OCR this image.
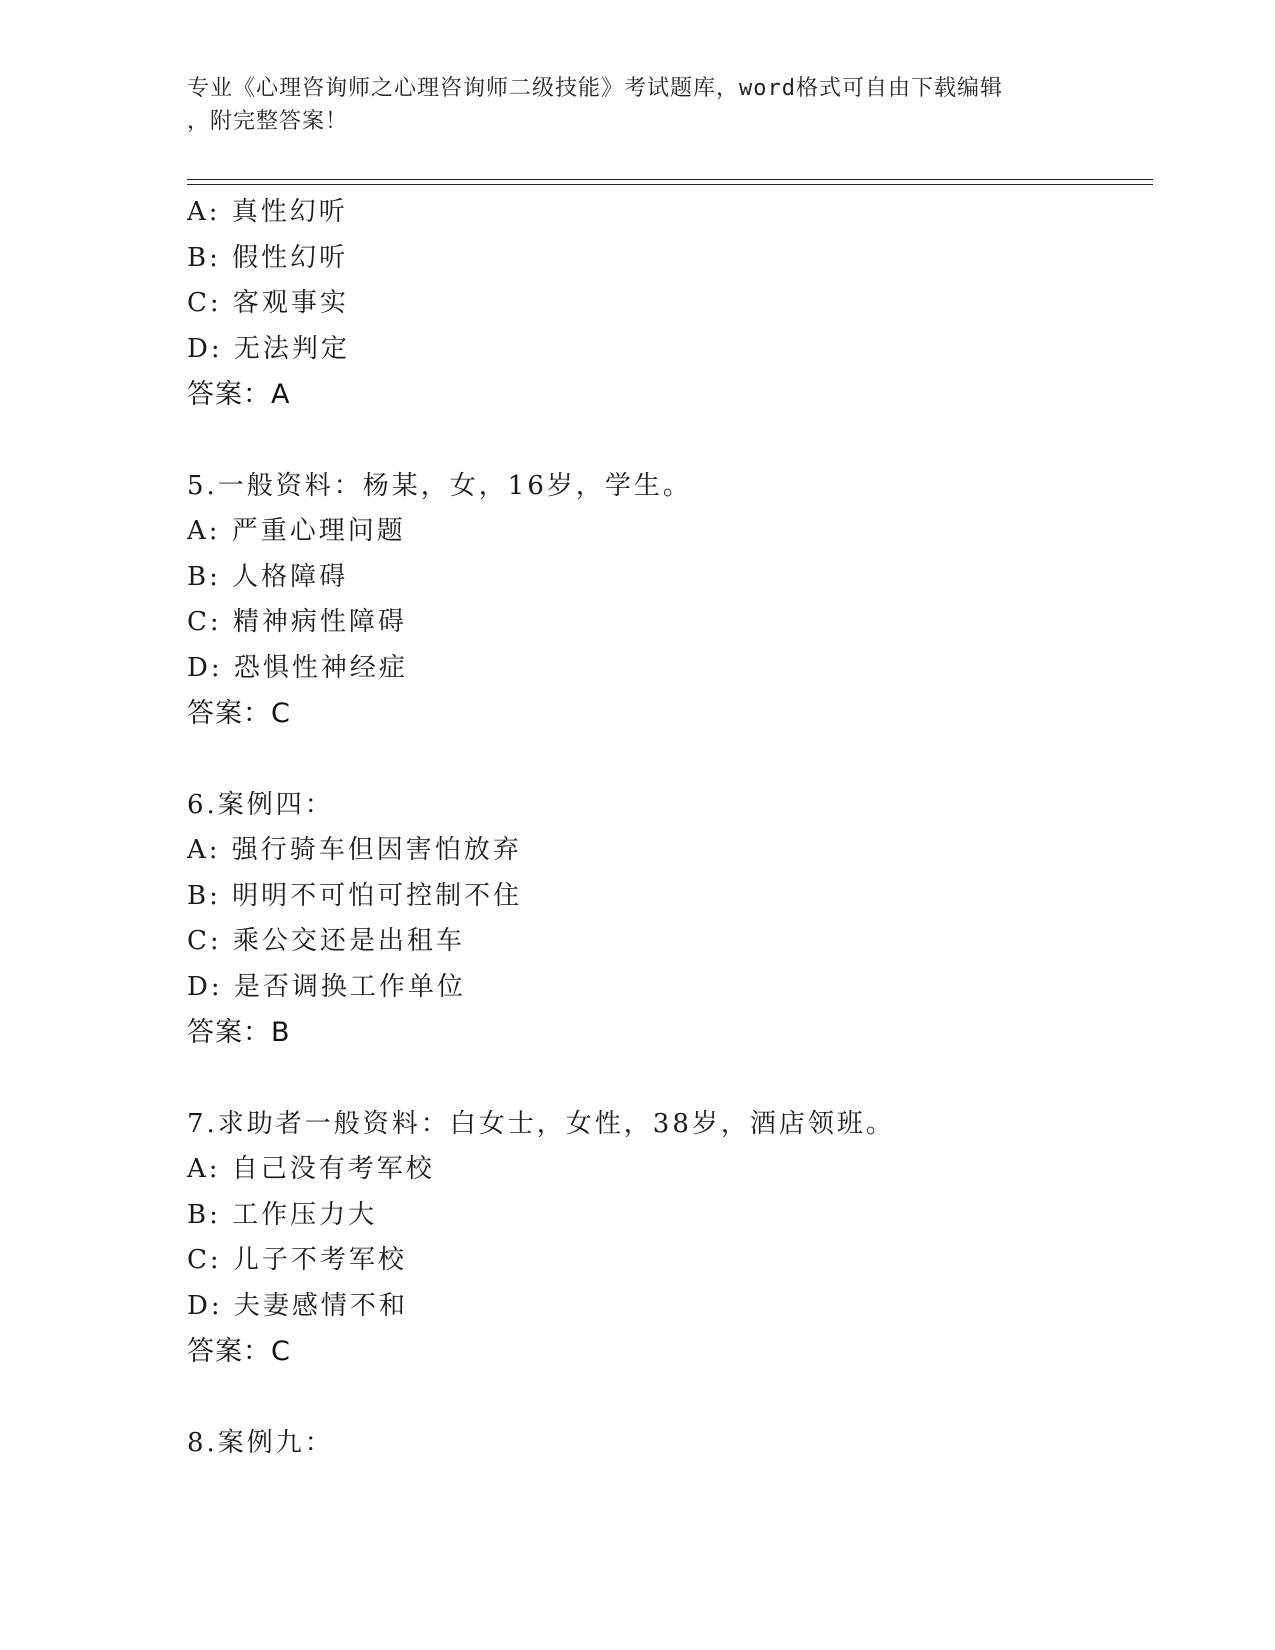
专业《心理咨询师之心理咨询师二级技能》考试题库，word格式可自由下载编辑
，附完整答案！
A: 真性幻听
B: 假性幻听
C: 客观事实
D: 无法判定
答案：A
5.一般资料：杨某，女，16岁，学生。
A: 严重心理问题
B: 人格障碍
C: 精神病性障碍
D: 恐惧性神经症
答案：C
6.案例四：
A: 强行骑车但因害怕放弃
B: 明明不可怕可控制不住
C: 乘公交还是出租车
D: 是否调换工作单位
答案：B
7.求助者一般资料：白女士，女性，38岁，酒店领班。
A: 自己没有考军校
B: 工作压力大
C: 儿子不考军校
D: 夫妻感情不和
答案：C
8.案例九：
